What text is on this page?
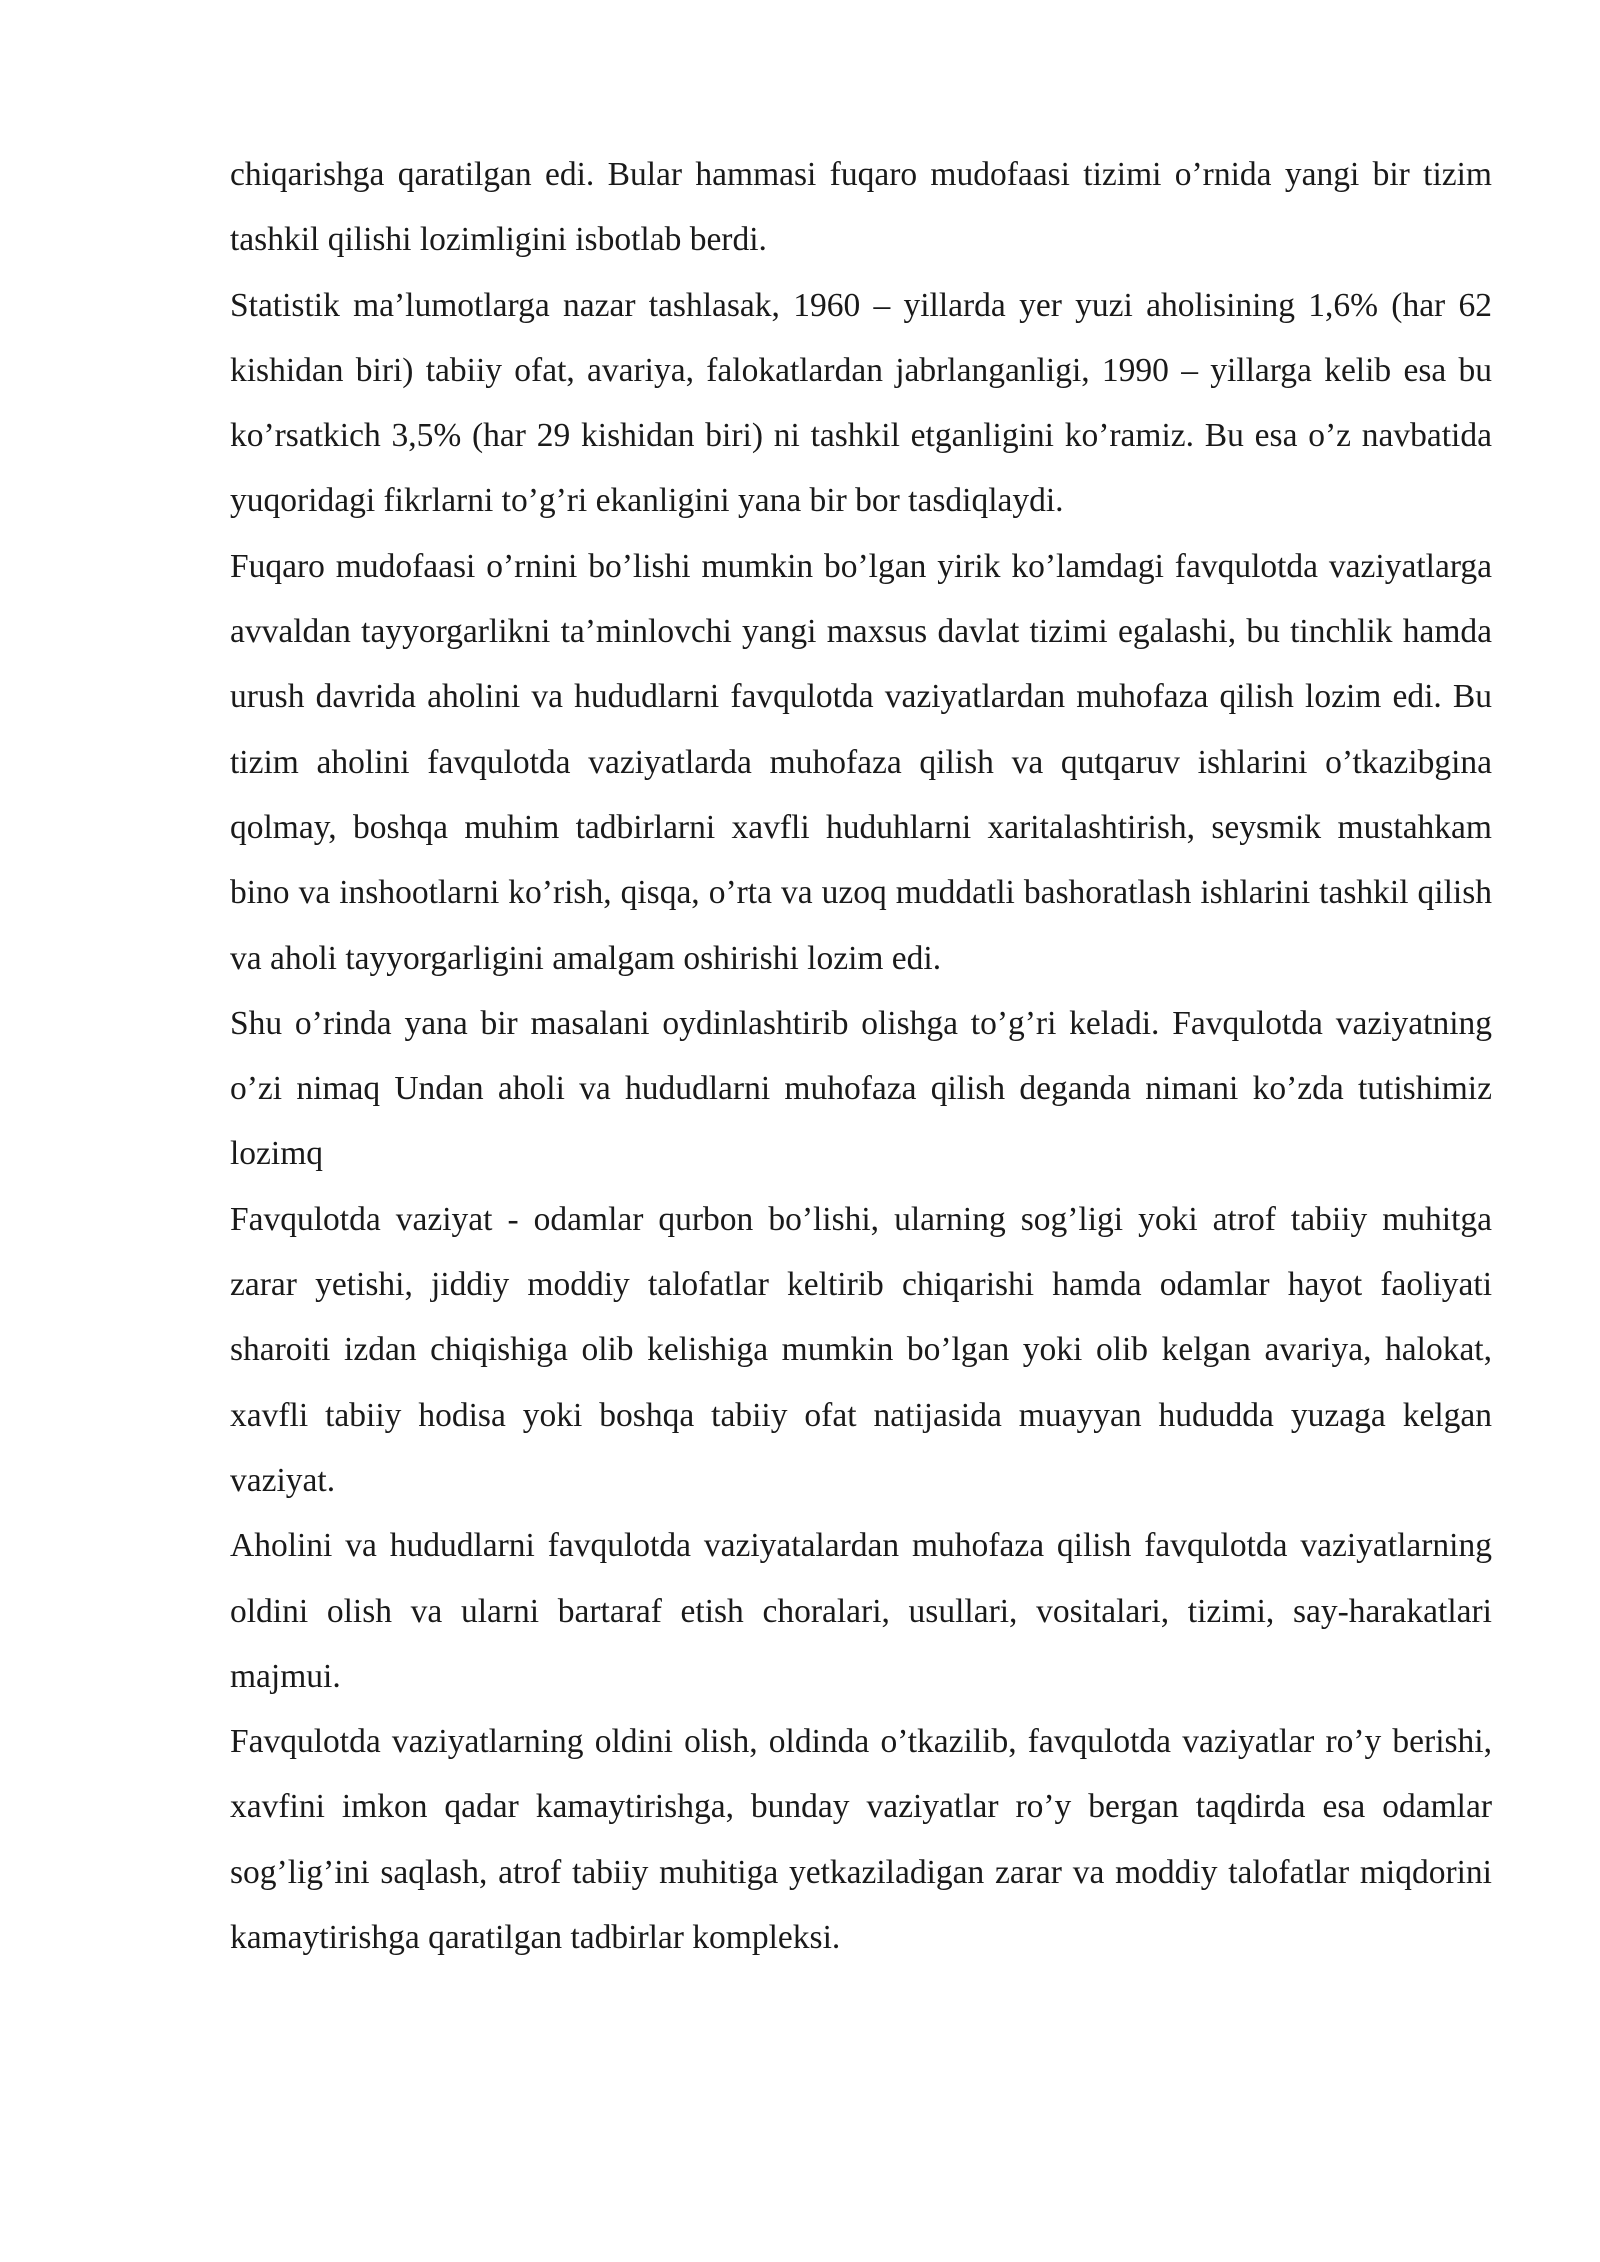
chiqarishga qaratilgan edi. Bular hammasi fuqaro mudofaasi tizimi o’rnida yangi bir tizim tashkil qilishi lozimligini isbotlab berdi.

Statistik ma’lumotlarga nazar tashlasak, 1960 – yillarda yer yuzi aholisining 1,6% (har 62 kishidan biri) tabiiy ofat, avariya, falokatlardan jabrlanganligi, 1990 – yillarga kelib esa bu ko’rsatkich 3,5% (har 29 kishidan biri) ni tashkil etganligini ko’ramiz. Bu esa o’z navbatida yuqoridagi fikrlarni to’g’ri ekanligini yana bir bor tasdiqlaydi.

Fuqaro mudofaasi o’rnini bo’lishi mumkin bo’lgan yirik ko’lamdagi favqulotda vaziyatlarga avvaldan tayyorgarlikni ta’minlovchi yangi maxsus davlat tizimi egalashi, bu tinchlik hamda urush davrida aholini va hududlarni favqulotda vaziyatlardan muhofaza qilish lozim edi. Bu tizim aholini favqulotda vaziyatlarda muhofaza qilish va qutqaruv ishlarini o’tkazibgina qolmay, boshqa muhim tadbirlarni xavfli huduhlarni xaritalashtirish, seysmik mustahkam bino va inshootlarni ko’rish, qisqa, o’rta va uzoq muddatli bashoratlash ishlarini tashkil qilish va aholi tayyorgarligini amalgam oshirishi lozim edi.

Shu o’rinda yana bir masalani oydinlashtirib olishga to’g’ri keladi. Favqulotda vaziyatning o’zi nimaq Undan aholi va hududlarni muhofaza qilish deganda nimani ko’zda tutishimiz lozimq

Favqulotda vaziyat - odamlar qurbon bo’lishi, ularning sog’ligi yoki atrof tabiiy muhitga zarar yetishi, jiddiy moddiy talofatlar keltirib chiqarishi hamda odamlar hayot faoliyati sharoiti izdan chiqishiga olib kelishiga mumkin bo’lgan yoki olib kelgan avariya, halokat, xavfli tabiiy hodisa yoki boshqa tabiiy ofat natijasida muayyan hududda yuzaga kelgan vaziyat.

Aholini va hududlarni favqulotda vaziyatalardan muhofaza qilish favqulotda vaziyatlarning oldini olish va ularni bartaraf etish choralari, usullari, vositalari, tizimi, say-harakatlari majmui.

Favqulotda vaziyatlarning oldini olish, oldinda o’tkazilib, favqulotda vaziyatlar ro’y berishi, xavfini imkon qadar kamaytirishga, bunday vaziyatlar ro’y bergan taqdirda esa odamlar sog’lig’ini saqlash, atrof tabiiy muhitiga yetkaziladigan zarar va moddiy talofatlar miqdorini kamaytirishga qaratilgan tadbirlar kompleksi.
